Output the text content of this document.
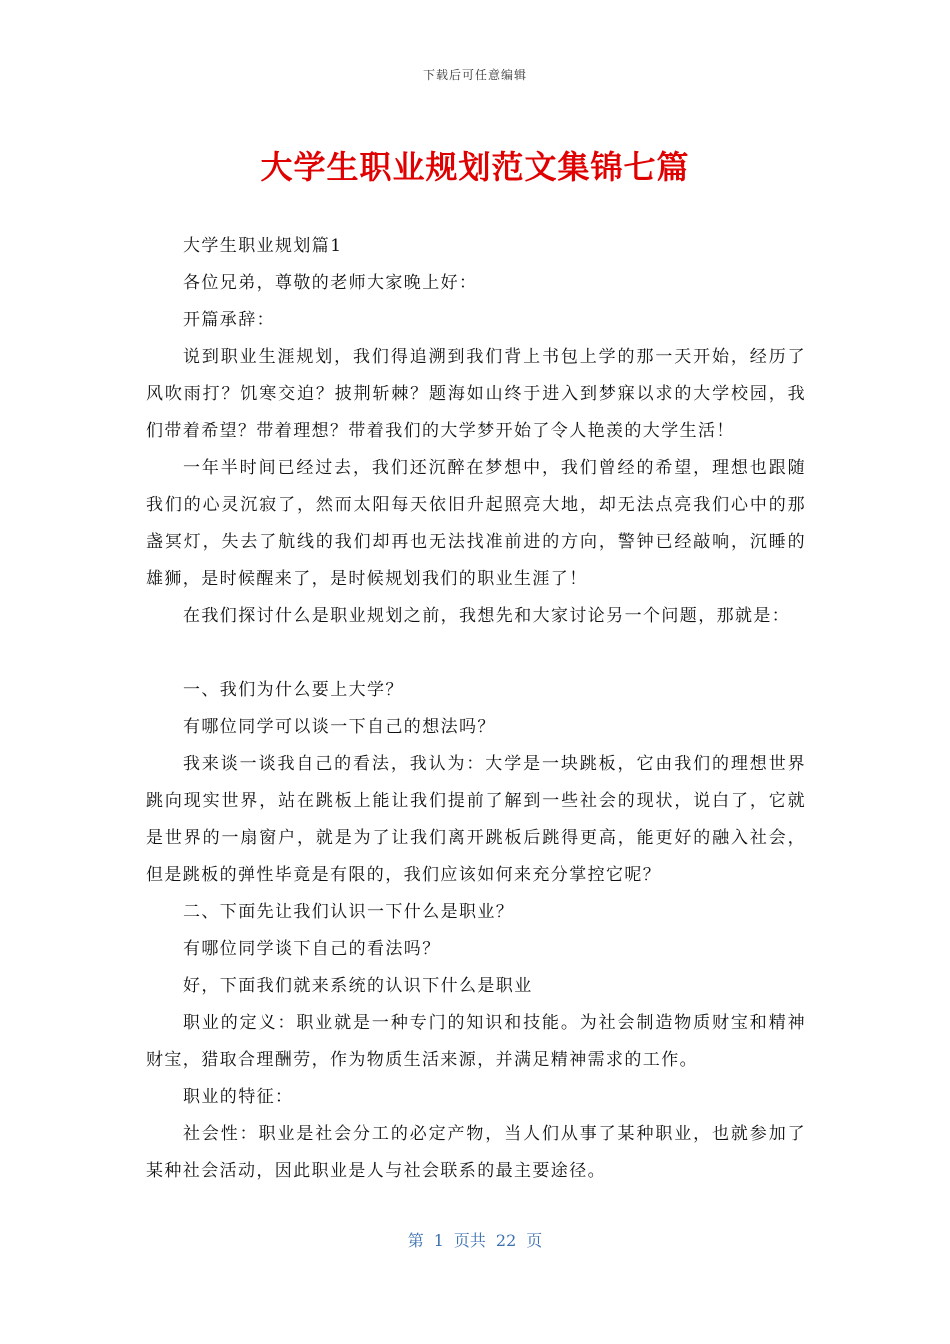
下载后可任意编辑
大学生职业规划范文集锦七篇

大学生职业规划篇1

各位兄弟，尊敬的老师大家晚上好：

开篇承辞：

说到职业生涯规划，我们得追溯到我们背上书包上学的那一天开始，经历了风吹雨打？饥寒交迫？披荆斩棘？题海如山终于进入到梦寐以求的大学校园，我们带着希望？带着理想？带着我们的大学梦开始了令人艳羡的大学生活！

一年半时间已经过去，我们还沉醉在梦想中，我们曾经的希望，理想也跟随我们的心灵沉寂了，然而太阳每天依旧升起照亮大地，却无法点亮我们心中的那盏冥灯，失去了航线的我们却再也无法找准前进的方向，警钟已经敲响，沉睡的雄狮，是时候醒来了，是时候规划我们的职业生涯了！

在我们探讨什么是职业规划之前，我想先和大家讨论另一个问题，那就是：

一、我们为什么要上大学？

有哪位同学可以谈一下自己的想法吗？

我来谈一谈我自己的看法，我认为：大学是一块跳板，它由我们的理想世界跳向现实世界，站在跳板上能让我们提前了解到一些社会的现状，说白了，它就是世界的一扇窗户，就是为了让我们离开跳板后跳得更高，能更好的融入社会，但是跳板的弹性毕竟是有限的，我们应该如何来充分掌控它呢？

二、下面先让我们认识一下什么是职业？

有哪位同学谈下自己的看法吗？

好，下面我们就来系统的认识下什么是职业

职业的定义：职业就是一种专门的知识和技能。为社会制造物质财宝和精神财宝，猎取合理酬劳，作为物质生活来源，并满足精神需求的工作。

职业的特征：

社会性：职业是社会分工的必定产物，当人们从事了某种职业，也就参加了某种社会活动，因此职业是人与社会联系的最主要途径。

第 1 页共 22 页
